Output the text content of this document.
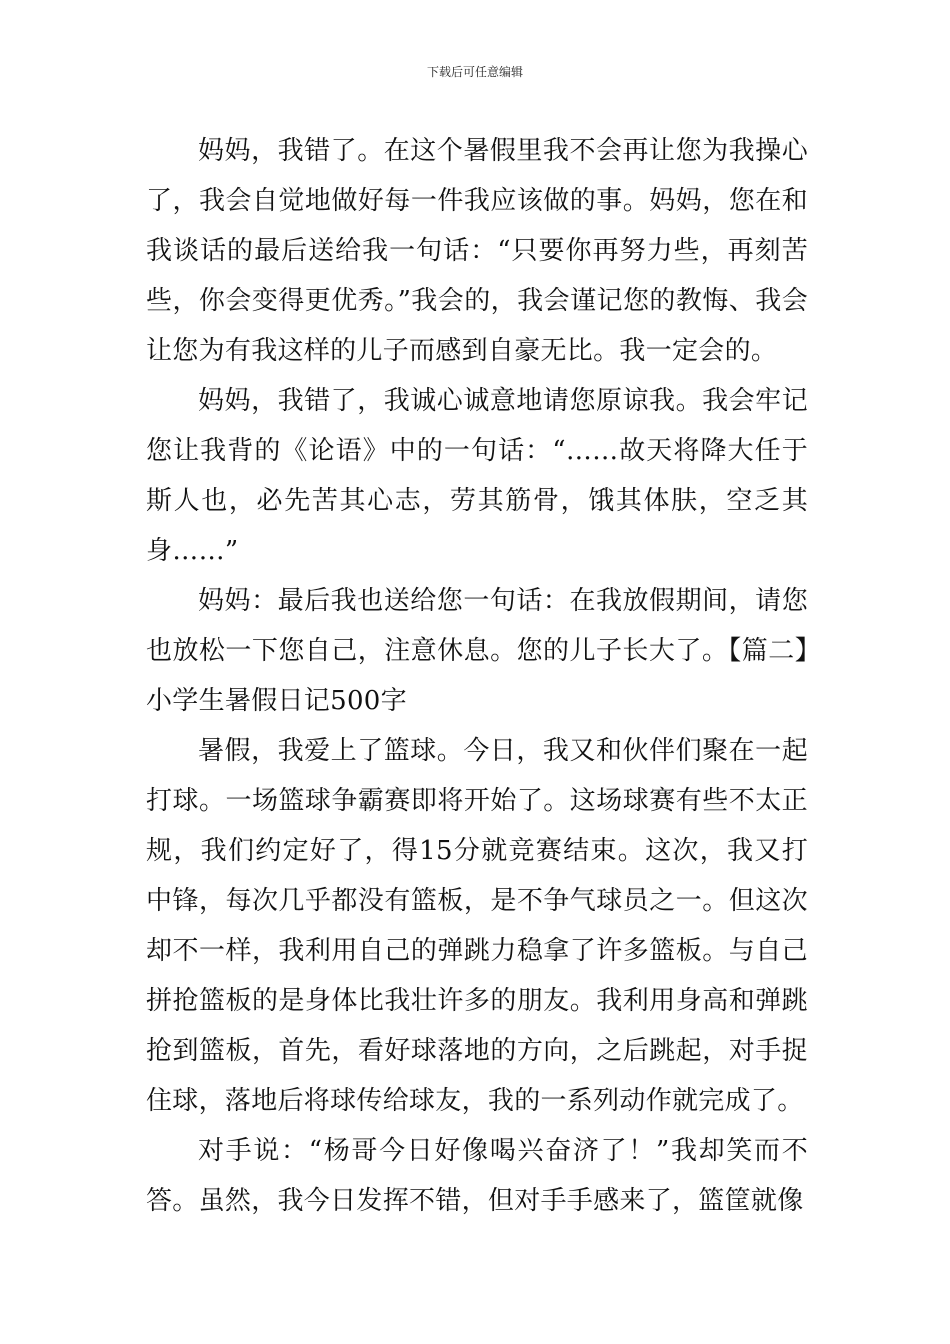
下载后可任意编辑

妈妈，我错了。在这个暑假里我不会再让您为我操心了，我会自觉地做好每一件我应该做的事。妈妈，您在和我谈话的最后送给我一句话：“只要你再努力些，再刻苦些，你会变得更优秀。”我会的，我会谨记您的教悔、我会让您为有我这样的儿子而感到自豪无比。我一定会的。

妈妈，我错了，我诚心诚意地请您原谅我。我会牢记您让我背的《论语》中的一句话：“……故天将降大任于斯人也，必先苦其心志，劳其筋骨，饿其体肤，空乏其身……”

妈妈：最后我也送给您一句话：在我放假期间，请您也放松一下您自己，注意休息。您的儿子长大了。【篇二】小学生暑假日记500字

暑假，我爱上了篮球。今日，我又和伙伴们聚在一起打球。一场篮球争霸赛即将开始了。这场球赛有些不太正规，我们约定好了，得15分就竞赛结束。这次，我又打中锋，每次几乎都没有篮板，是不争气球员之一。但这次却不一样，我利用自己的弹跳力稳拿了许多篮板。与自己拼抢篮板的是身体比我壮许多的朋友。我利用身高和弹跳抢到篮板，首先，看好球落地的方向，之后跳起，对手捉住球，落地后将球传给球友，我的一系列动作就完成了。

对手说：“杨哥今日好像喝兴奋济了！”我却笑而不答。虽然，我今日发挥不错，但对手手感来了，篮筐就像
